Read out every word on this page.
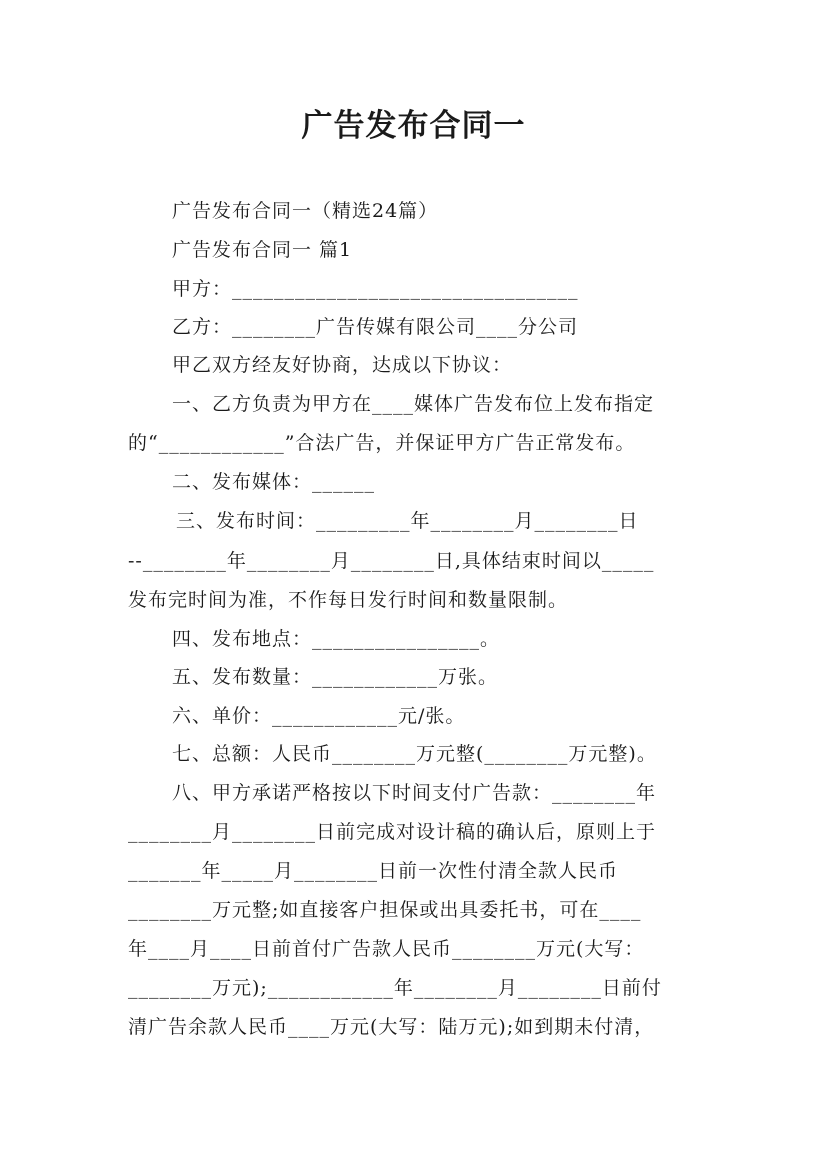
广告发布合同一
广告发布合同一（精选24篇）
广告发布合同一 篇1
甲方：_________________________________
乙方：________广告传媒有限公司____分公司
甲乙双方经友好协商，达成以下协议：
一、乙方负责为甲方在____媒体广告发布位上发布指定
的“____________”合法广告，并保证甲方广告正常发布。
二、发布媒体：______
三、发布时间：_________年________月________日
--________年________月________日,具体结束时间以_____
发布完时间为准，不作每日发行时间和数量限制。
四、发布地点：________________。
五、发布数量：____________万张。
六、单价：____________元/张。
七、总额：人民币________万元整(________万元整)。
八、甲方承诺严格按以下时间支付广告款：________年
________月________日前完成对设计稿的确认后，原则上于
_______年_____月________日前一次性付清全款人民币
________万元整;如直接客户担保或出具委托书，可在____
年____月____日前首付广告款人民币________万元(大写：
________万元);____________年________月________日前付
清广告余款人民币____万元(大写：陆万元);如到期未付清，
